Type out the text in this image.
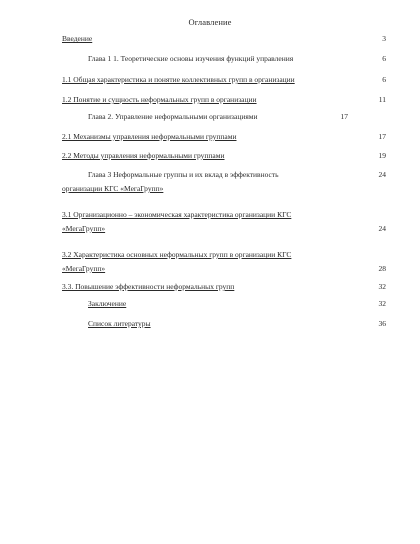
Оглавление
Введение	3
Глава 1 1. Теоретические основы изучения функций управления	6
1.1 Общая характеристика и понятие коллективных групп в организации	6
1.2 Понятие и сущность неформальных групп в организации	11
Глава 2. Управление неформальными организациями	17
2.1 Механизмы управления неформальными группами	17
2.2 Методы управления неформальными группами	19
Глава 3 Неформальные группы и их вклад в эффективность	24
организации КГС «МегаГрупп»
3.1 Организационно – экономическая характеристика организации КГС
«МегаГрупп»	24
3.2 Характеристика основных неформальных групп в организации КГС
«МегаГрупп»	28
3.3. Повышение эффективности неформальных групп	32
Заключение	32
Список литературы	36
